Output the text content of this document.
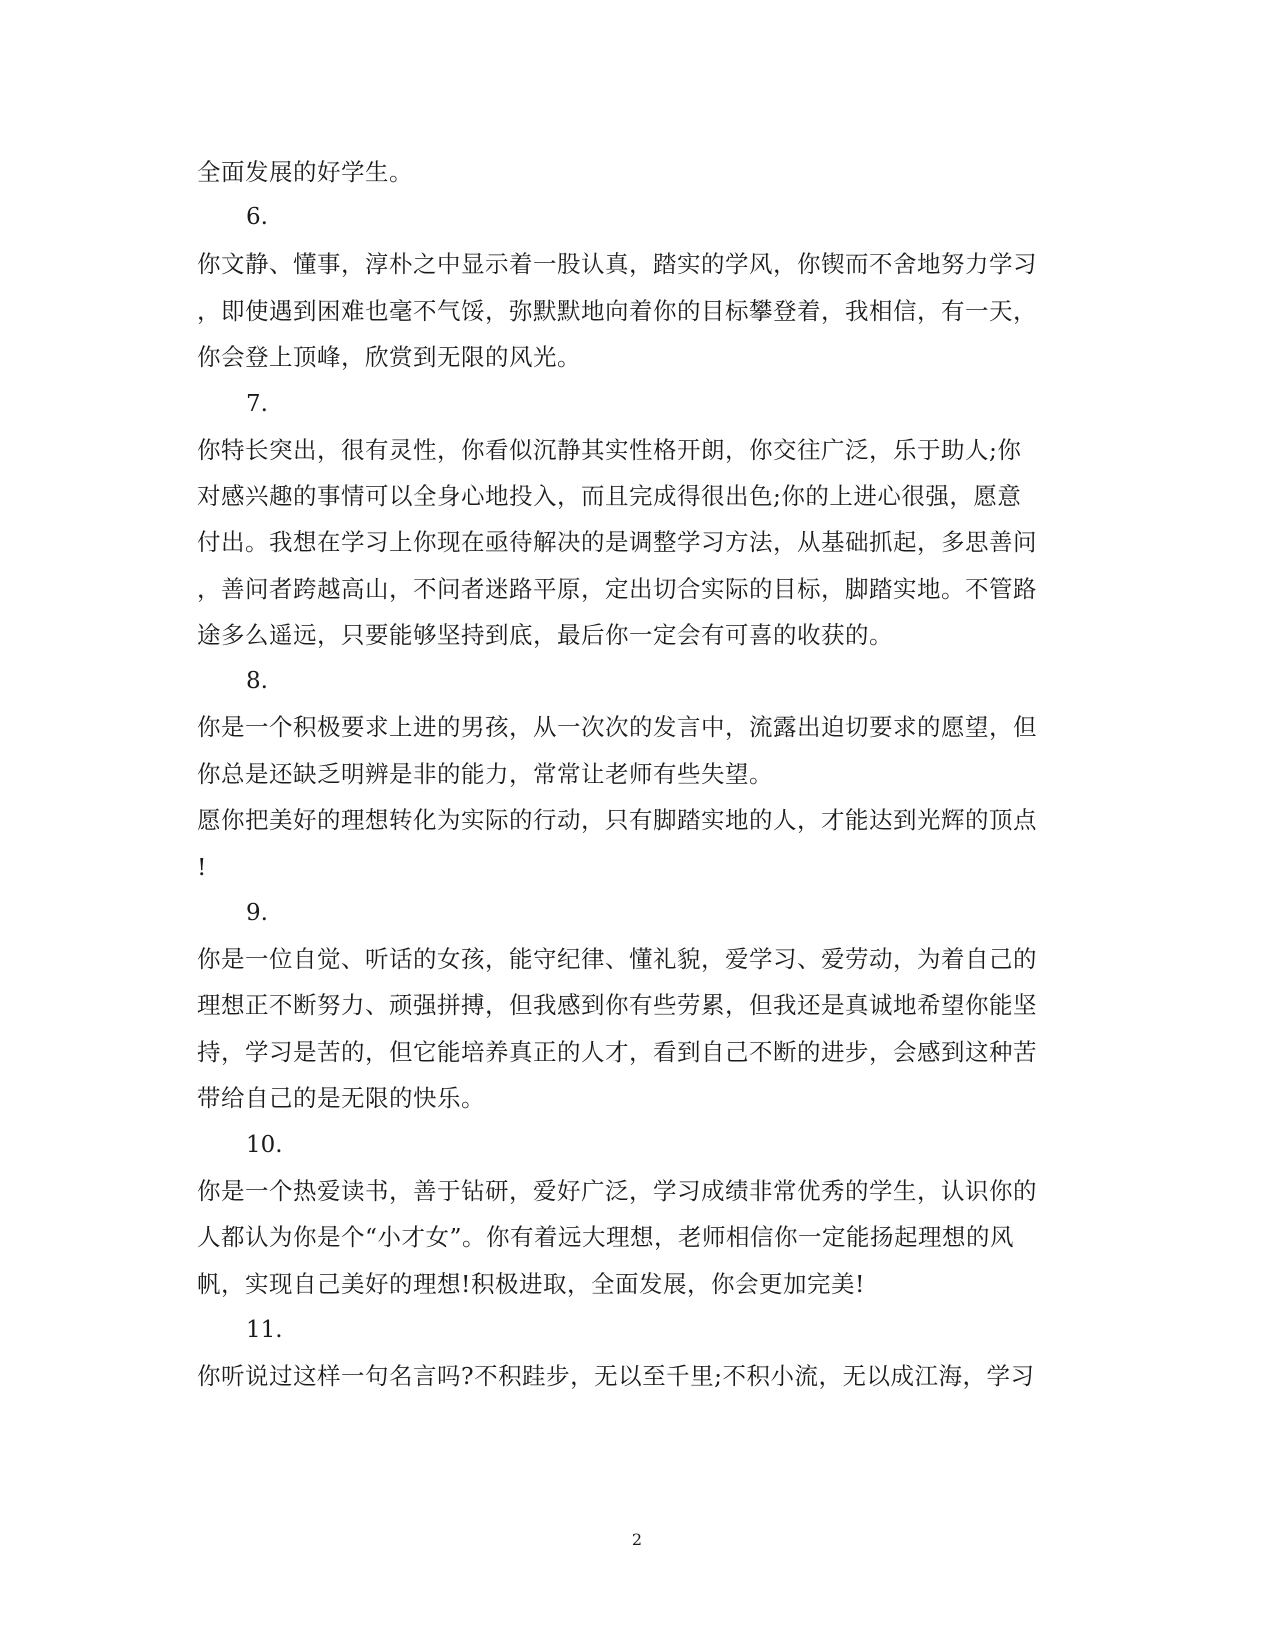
全面发展的好学生。
6.
你文静、懂事，淳朴之中显示着一股认真，踏实的学风，你锲而不舍地努力学习
，即使遇到困难也毫不气馁，弥默默地向着你的目标攀登着，我相信，有一天，
你会登上顶峰，欣赏到无限的风光。
7.
你特长突出，很有灵性，你看似沉静其实性格开朗，你交往广泛，乐于助人;你
对感兴趣的事情可以全身心地投入，而且完成得很出色;你的上进心很强，愿意
付出。我想在学习上你现在亟待解决的是调整学习方法，从基础抓起，多思善问
，善问者跨越高山，不问者迷路平原，定出切合实际的目标，脚踏实地。不管路
途多么遥远，只要能够坚持到底，最后你一定会有可喜的收获的。
8.
你是一个积极要求上进的男孩，从一次次的发言中，流露出迫切要求的愿望，但
你总是还缺乏明辨是非的能力，常常让老师有些失望。
愿你把美好的理想转化为实际的行动，只有脚踏实地的人，才能达到光辉的顶点
!
9.
你是一位自觉、听话的女孩，能守纪律、懂礼貌，爱学习、爱劳动，为着自己的
理想正不断努力、顽强拼搏，但我感到你有些劳累，但我还是真诚地希望你能坚
持，学习是苦的，但它能培养真正的人才，看到自己不断的进步，会感到这种苦
带给自己的是无限的快乐。
10.
你是一个热爱读书，善于钻研，爱好广泛，学习成绩非常优秀的学生，认识你的
人都认为你是个“小才女”。你有着远大理想，老师相信你一定能扬起理想的风
帆，实现自己美好的理想!积极进取，全面发展，你会更加完美!
11.
你听说过这样一句名言吗?不积跬步，无以至千里;不积小流，无以成江海，学习
2
